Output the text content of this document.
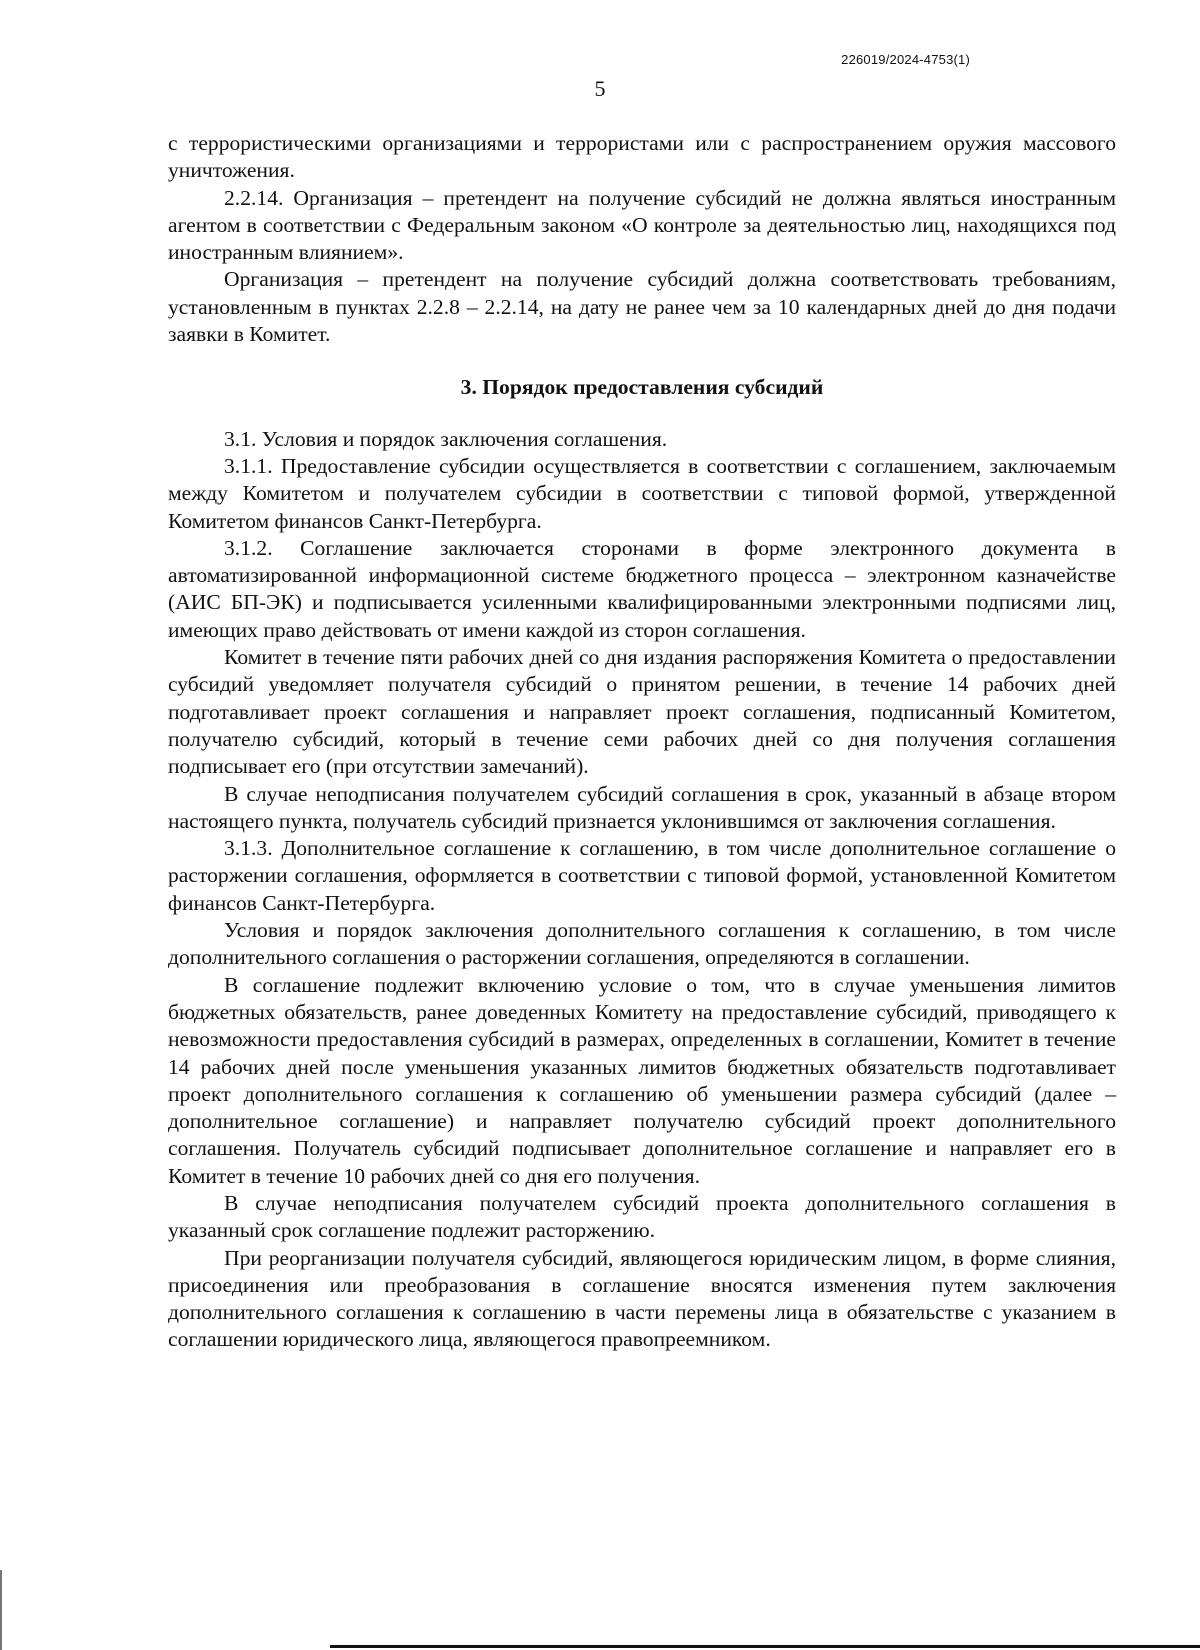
226019/2024-4753(1)
5

с террористическими организациями и террористами или с распространением оружия массового уничтожения.

2.2.14. Организация – претендент на получение субсидий не должна являться иностранным агентом в соответствии с Федеральным законом «О контроле за деятельностью лиц, находящихся под иностранным влиянием».

Организация – претендент на получение субсидий должна соответствовать требованиям, установленным в пунктах 2.2.8 – 2.2.14, на дату не ранее чем за 10 календарных дней до дня подачи заявки в Комитет.

3. Порядок предоставления субсидий

3.1. Условия и порядок заключения соглашения.

3.1.1. Предоставление субсидии осуществляется в соответствии с соглашением, заключаемым между Комитетом и получателем субсидии в соответствии с типовой формой, утвержденной Комитетом финансов Санкт-Петербурга.

3.1.2. Соглашение заключается сторонами в форме электронного документа в автоматизированной информационной системе бюджетного процесса – электронном казначействе (АИС БП-ЭК) и подписывается усиленными квалифицированными электронными подписями лиц, имеющих право действовать от имени каждой из сторон соглашения.

Комитет в течение пяти рабочих дней со дня издания распоряжения Комитета о предоставлении субсидий уведомляет получателя субсидий о принятом решении, в течение 14 рабочих дней подготавливает проект соглашения и направляет проект соглашения, подписанный Комитетом, получателю субсидий, который в течение семи рабочих дней со дня получения соглашения подписывает его (при отсутствии замечаний).

В случае неподписания получателем субсидий соглашения в срок, указанный в абзаце втором настоящего пункта, получатель субсидий признается уклонившимся от заключения соглашения.

3.1.3. Дополнительное соглашение к соглашению, в том числе дополнительное соглашение о расторжении соглашения, оформляется в соответствии с типовой формой, установленной Комитетом финансов Санкт-Петербурга.

Условия и порядок заключения дополнительного соглашения к соглашению, в том числе дополнительного соглашения о расторжении соглашения, определяются в соглашении.

В соглашение подлежит включению условие о том, что в случае уменьшения лимитов бюджетных обязательств, ранее доведенных Комитету на предоставление субсидий, приводящего к невозможности предоставления субсидий в размерах, определенных в соглашении, Комитет в течение 14 рабочих дней после уменьшения указанных лимитов бюджетных обязательств подготавливает проект дополнительного соглашения к соглашению об уменьшении размера субсидий (далее – дополнительное соглашение) и направляет получателю субсидий проект дополнительного соглашения. Получатель субсидий подписывает дополнительное соглашение и направляет его в Комитет в течение 10 рабочих дней со дня его получения.

В случае неподписания получателем субсидий проекта дополнительного соглашения в указанный срок соглашение подлежит расторжению.

При реорганизации получателя субсидий, являющегося юридическим лицом, в форме слияния, присоединения или преобразования в соглашение вносятся изменения путем заключения дополнительного соглашения к соглашению в части перемены лица в обязательстве с указанием в соглашении юридического лица, являющегося правопреемником.
